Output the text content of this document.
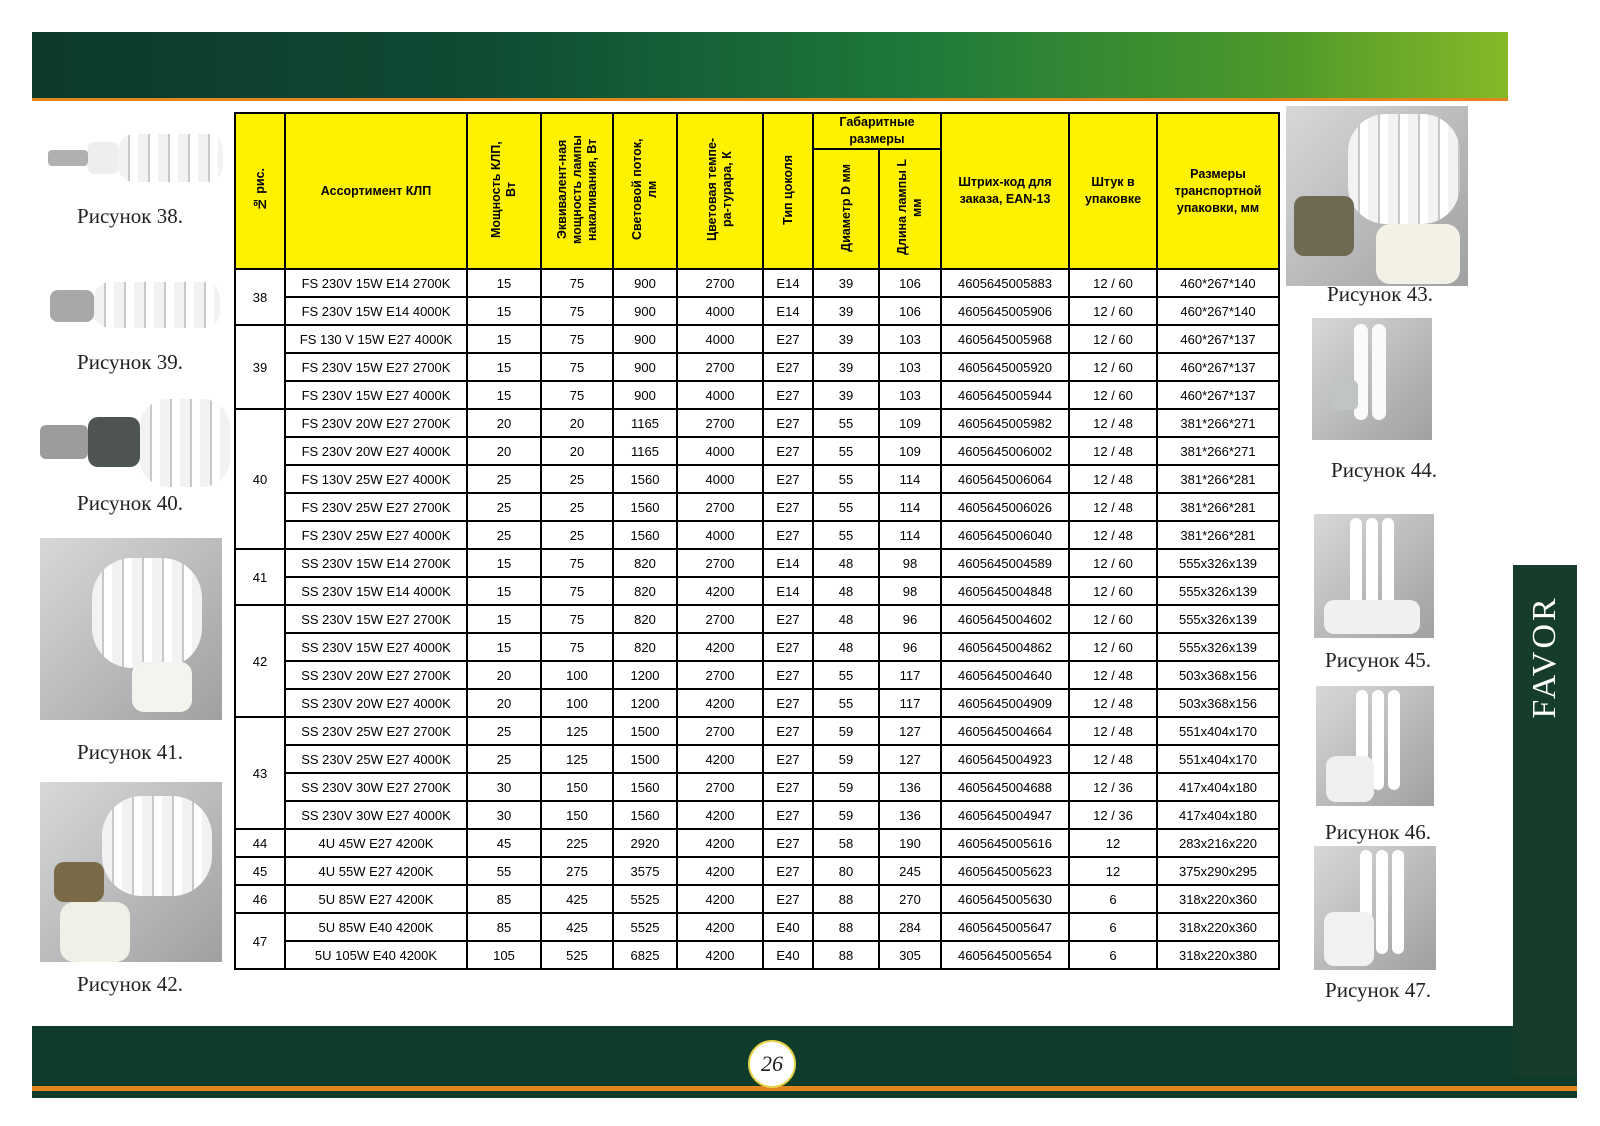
Рисунок 38.
Рисунок 39.
Рисунок 40.
Рисунок 41.
Рисунок 42.
Рисунок 43.
Рисунок 44.
Рисунок 45.
Рисунок 46.
Рисунок 47.
№ рис.	Ассортимент КЛП	Мощность КЛП, Вт	Эквивалент-ная мощность лампы накаливания, Вт	Световой поток, лм	Цветовая темпе-ра-турара, К	Тип цоколя	Габаритные размеры		Штрих-код для заказа, EAN-13	Штук в упаковке	Размеры транспортной упаковки, мм
							Диаметр D мм	Длина лампы L мм			
38	FS 230V 15W E14 2700K	15	75	900	2700	E14	39	106	4605645005883	12 / 60	460*267*140
	FS 230V 15W E14 4000K	15	75	900	4000	E14	39	106	4605645005906	12 / 60	460*267*140
39	FS 130 V 15W E27 4000K	15	75	900	4000	E27	39	103	4605645005968	12 / 60	460*267*137
	FS 230V 15W E27 2700K	15	75	900	2700	E27	39	103	4605645005920	12 / 60	460*267*137
	FS 230V 15W E27 4000K	15	75	900	4000	E27	39	103	4605645005944	12 / 60	460*267*137
40	FS 230V 20W E27 2700K	20	20	1165	2700	E27	55	109	4605645005982	12 / 48	381*266*271
	FS 230V 20W E27 4000K	20	20	1165	4000	E27	55	109	4605645006002	12 / 48	381*266*271
	FS 130V 25W E27 4000K	25	25	1560	4000	E27	55	114	4605645006064	12 / 48	381*266*281
	FS 230V 25W E27 2700K	25	25	1560	2700	E27	55	114	4605645006026	12 / 48	381*266*281
	FS 230V 25W E27 4000K	25	25	1560	4000	E27	55	114	4605645006040	12 / 48	381*266*281
41	SS 230V 15W E14 2700K	15	75	820	2700	E14	48	98	4605645004589	12 / 60	555x326x139
	SS 230V 15W E14 4000K	15	75	820	4200	E14	48	98	4605645004848	12 / 60	555x326x139
42	SS 230V 15W E27 2700K	15	75	820	2700	E27	48	96	4605645004602	12 / 60	555x326x139
	SS 230V 15W E27 4000K	15	75	820	4200	E27	48	96	4605645004862	12 / 60	555x326x139
	SS 230V 20W E27 2700K	20	100	1200	2700	E27	55	117	4605645004640	12 / 48	503x368x156
	SS 230V 20W E27 4000K	20	100	1200	4200	E27	55	117	4605645004909	12 / 48	503x368x156
43	SS 230V 25W E27 2700K	25	125	1500	2700	E27	59	127	4605645004664	12 / 48	551x404x170
	SS 230V 25W E27 4000K	25	125	1500	4200	E27	59	127	4605645004923	12 / 48	551x404x170
	SS 230V 30W E27 2700K	30	150	1560	2700	E27	59	136	4605645004688	12 / 36	417x404x180
	SS 230V 30W E27 4000K	30	150	1560	4200	E27	59	136	4605645004947	12 / 36	417x404x180
44	4U 45W E27 4200K	45	225	2920	4200	E27	58	190	4605645005616	12	283x216x220
45	4U 55W E27 4200K	55	275	3575	4200	E27	80	245	4605645005623	12	375x290x295
46	5U 85W E27 4200K	85	425	5525	4200	E27	88	270	4605645005630	6	318x220x360
47	5U 85W E40 4200K	85	425	5525	4200	E40	88	284	4605645005647	6	318x220x360
	5U 105W E40 4200K	105	525	6825	4200	E40	88	305	4605645005654	6	318x220x380
26
FAVOR
